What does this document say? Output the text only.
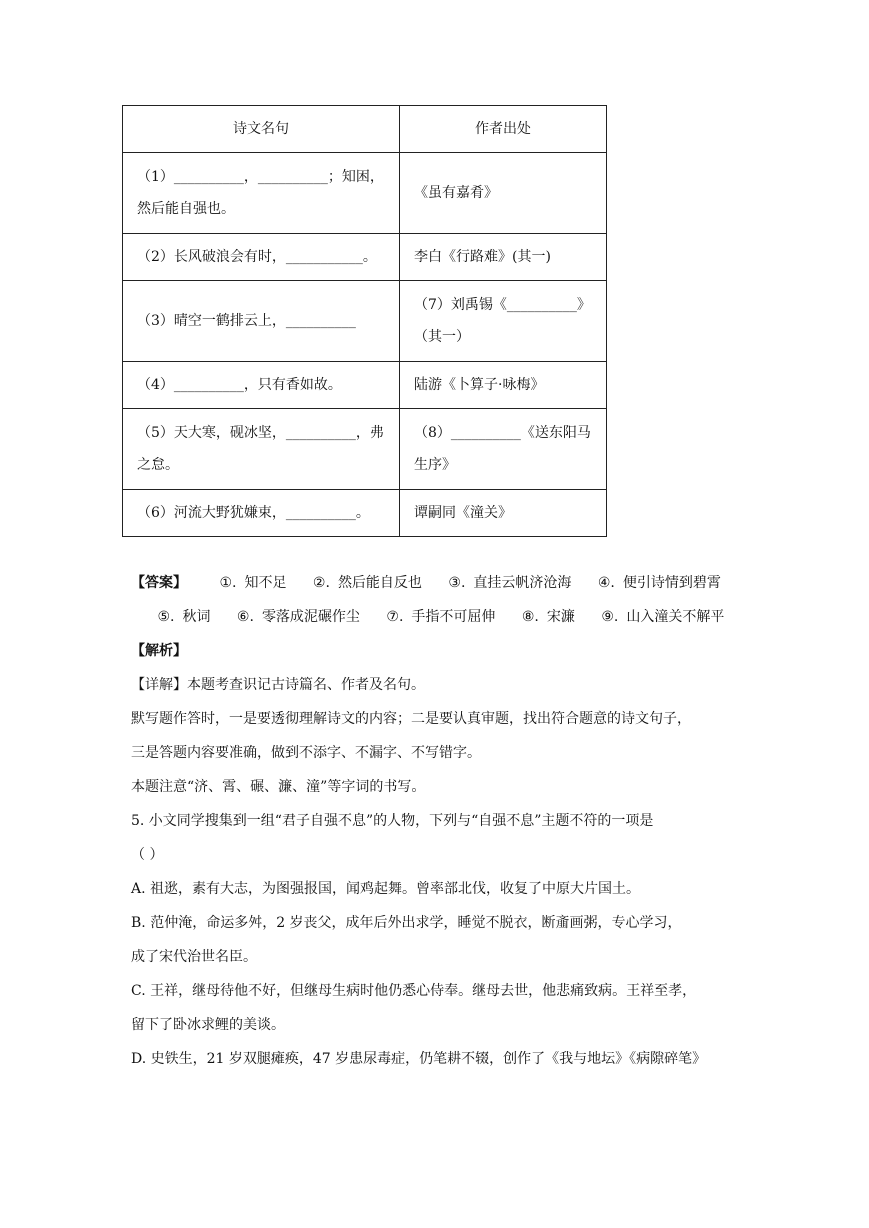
诗文名句	作者出处
（1）__________，__________；知困，然后能自强也。	《虽有嘉肴》
（2）长风破浪会有时，___________。	李白《行路难》(其一)
（3）晴空一鹤排云上，__________	（7）刘禹锡《__________》（其一）
（4）__________，只有香如故。	陆游《卜算子·咏梅》
（5）天大寒，砚冰坚，__________，弗之怠。	（8）__________《送东阳马生序》
（6）河流大野犹嫌束，__________。	谭嗣同《潼关》

【答案】 ①. 知不足 ②. 然后能自反也 ③. 直挂云帆济沧海 ④. 便引诗情到碧霄 ⑤. 秋词 ⑥. 零落成泥碾作尘 ⑦. 手指不可屈伸 ⑧. 宋濂 ⑨. 山入潼关不解平

【解析】

【详解】本题考查识记古诗篇名、作者及名句。

默写题作答时，一是要透彻理解诗文的内容；二是要认真审题，找出符合题意的诗文句子，

三是答题内容要准确，做到不添字、不漏字、不写错字。

本题注意“济、霄、碾、濂、潼”等字词的书写。

5. 小文同学搜集到一组“君子自强不息”的人物，下列与“自强不息”主题不符的一项是

（ ）

A. 祖逖，素有大志，为图强报国，闻鸡起舞。曾率部北伐，收复了中原大片国土。

B. 范仲淹，命运多舛，2 岁丧父，成年后外出求学，睡觉不脱衣，断齑画粥，专心学习，

成了宋代治世名臣。

C. 王祥，继母待他不好，但继母生病时他仍悉心侍奉。继母去世，他悲痛致病。王祥至孝，

留下了卧冰求鲤的美谈。

D. 史铁生，21 岁双腿瘫痪，47 岁患尿毒症，仍笔耕不辍，创作了《我与地坛》《病隙碎笔》
